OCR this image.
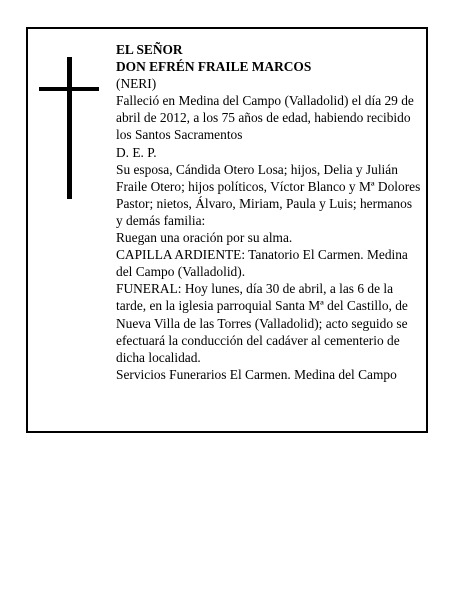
EL SEÑOR

DON EFRÉN FRAILE MARCOS

(NERI)

Falleció en Medina del Campo (Valladolid) el día 29 de abril de 2012, a los 75 años de edad, habiendo recibido los Santos Sacramentos

D. E. P.

Su esposa, Cándida Otero Losa; hijos, Delia y Julián Fraile Otero; hijos políticos, Víctor Blanco y Mª Dolores Pastor; nietos, Álvaro, Miriam, Paula y Luis; hermanos y demás familia:

Ruegan una oración por su alma.

CAPILLA ARDIENTE: Tanatorio El Carmen. Medina del Campo (Valladolid).

FUNERAL: Hoy lunes, día 30 de abril, a las 6 de la tarde, en la iglesia parroquial Santa Mª del Castillo, de Nueva Villa de las Torres (Valladolid); acto seguido se efectuará la conducción del cadáver al cementerio de dicha localidad.

Servicios Funerarios El Carmen. Medina del Campo
